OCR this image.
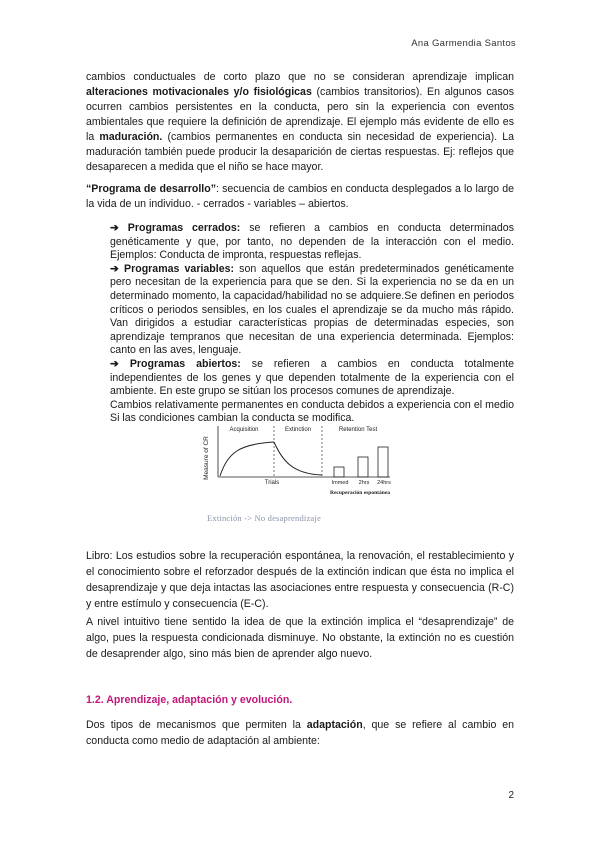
Ana Garmendia Santos
cambios conductuales de corto plazo que no se consideran aprendizaje implican alteraciones motivacionales y/o fisiológicas (cambios transitorios). En algunos casos ocurren cambios persistentes en la conducta, pero sin la experiencia con eventos ambientales que requiere la definición de aprendizaje. El ejemplo más evidente de ello es la maduración. (cambios permanentes en conducta sin necesidad de experiencia). La maduración también puede producir la desaparición de ciertas respuestas. Ej: reflejos que desaparecen a medida que el niño se hace mayor.
“Programa de desarrollo”: secuencia de cambios en conducta desplegados a lo largo de la vida de un individuo. - cerrados - variables – abiertos.

➔ Programas cerrados: se refieren a cambios en conducta determinados genéticamente y que, por tanto, no dependen de la interacción con el medio. Ejemplos: Conducta de impronta, respuestas reflejas.

➔ Programas variables: son aquellos que están predeterminados genéticamente pero necesitan de la experiencia para que se den. Si la experiencia no se da en un determinado momento, la capacidad/habilidad no se adquiere.Se definen en periodos críticos o periodos sensibles, en los cuales el aprendizaje se da mucho más rápido. Van dirigidos a estudiar características propias de determinadas especies, son aprendizaje tempranos que necesitan de una experiencia determinada. Ejemplos: canto en las aves, lenguaje.

➔ Programas abiertos: se refieren a cambios en conducta totalmente independientes de los genes y que dependen totalmente de la experiencia con el ambiente. En este grupo se sitúan los procesos comunes de aprendizaje.

Cambios relativamente permanentes en conducta debidos a experiencia con el medio Si las condiciones cambian la conducta se modifica.

Measure of CR
Acquisition	Extinction	Retention Test
Trials	Immed 2hrs 24hrs
Recuperación espontánea
Extinción -> No desaprendizaje
Libro: Los estudios sobre la recuperación espontánea, la renovación, el restablecimiento y el conocimiento sobre el reforzador después de la extinción indican que ésta no implica el desaprendizaje y que deja intactas las asociaciones entre respuesta y consecuencia (R-C) y entre estímulo y consecuencia (E-C).
A nivel intuitivo tiene sentido la idea de que la extinción implica el “desaprendizaje” de algo, pues la respuesta condicionada disminuye. No obstante, la extinción no es cuestión de desaprender algo, sino más bien de aprender algo nuevo.
1.2. Aprendizaje, adaptación y evolución.
Dos tipos de mecanismos que permiten la adaptación, que se refiere al cambio en conducta como medio de adaptación al ambiente:
2
